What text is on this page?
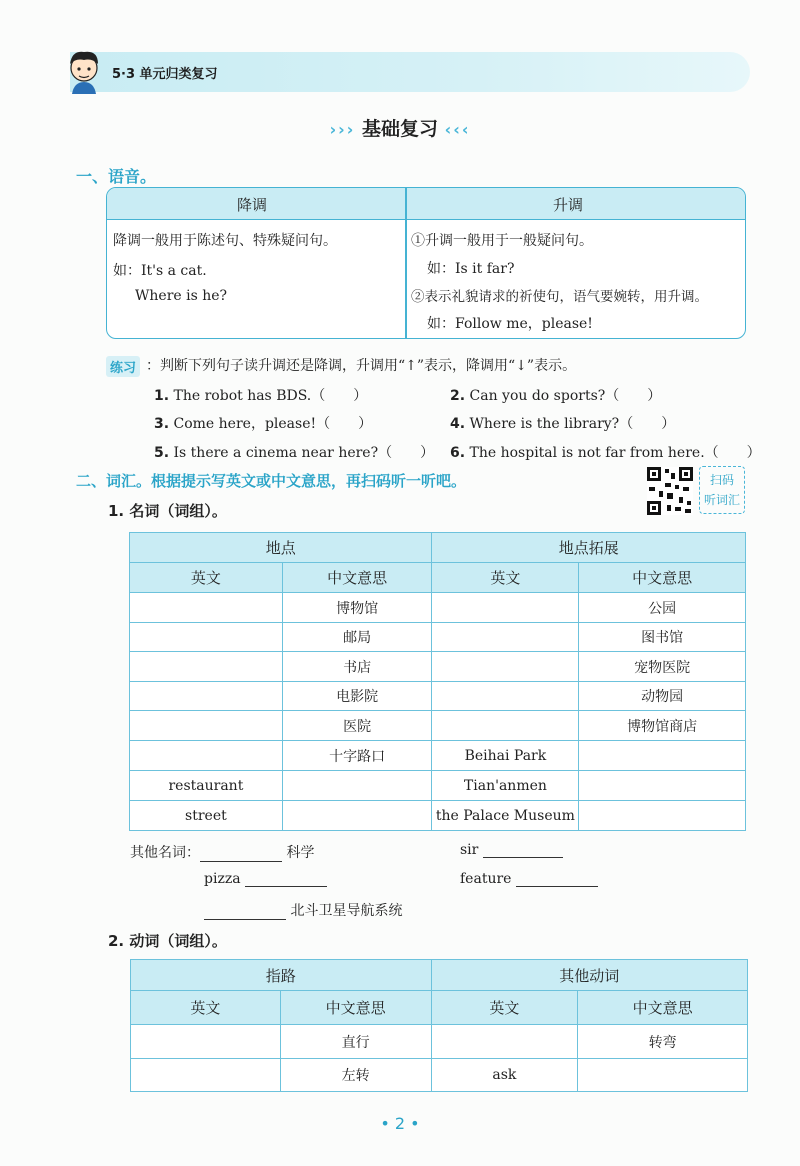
5·3 单元归类复习
››› 基础复习 ‹‹‹
一、语音。
降调	升调
降调一般用于陈述句、特殊疑问句。
如：It's a cat.
Where is he?
①升调一般用于一般疑问句。
如：Is it far?
②表示礼貌请求的祈使句，语气要婉转，用升调。
如：Follow me，please!
练习 ：判断下列句子读升调还是降调，升调用“↑”表示，降调用“↓”表示。
1. The robot has BDS.（　　）	2. Can you do sports?（　　）
3. Come here，please!（　　）	4. Where is the library?（　　）
5. Is there a cinema near here?（　　） 6. The hospital is not far from here.（　　）
二、词汇。根据提示写英文或中文意思，再扫码听一听吧。	扫码
听词汇
1. 名词（词组）。
地点		地点拓展	
英文	中文意思	英文	中文意思
	博物馆		公园
	邮局		图书馆
	书店		宠物医院
	电影院		动物园
	医院		博物馆商店
	十字路口	Beihai Park	
restaurant		Tian'anmen	
street		the Palace Museum	
其他名词：	科学	sir
pizza	feature
北斗卫星导航系统
2. 动词（词组）。
指路		其他动词	
英文	中文意思	英文	中文意思
	直行		转弯
	左转	ask	
• 2 •
